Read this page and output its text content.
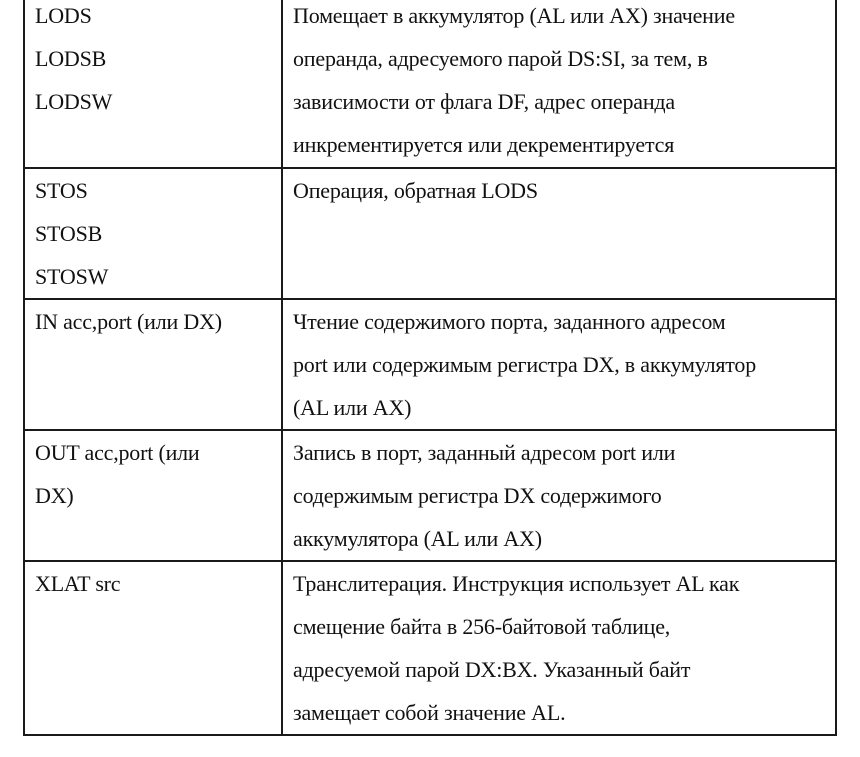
LODS
LODSB
LODSW	Помещает в аккумулятор (AL или AX) значение
операнда, адресуемого парой DS:SI, за тем, в
зависимости от флага DF, адрес операнда
инкрементируется или декрементируется

STOS
STOSB
STOSW	Операция, обратная LODS

IN acc,port (или DX)	Чтение содержимого порта, заданного адресом
port или содержимым регистра DX, в аккумулятор
(AL или AX)

OUT acc,port (или
DX)	Запись в порт, заданный адресом port или
содержимым регистра DX содержимого
аккумулятора (AL или AX)

XLAT src	Транслитерация. Инструкция использует AL как
смещение байта в 256-байтовой таблице,
адресуемой парой DX:BX. Указанный байт
замещает собой значение AL.
